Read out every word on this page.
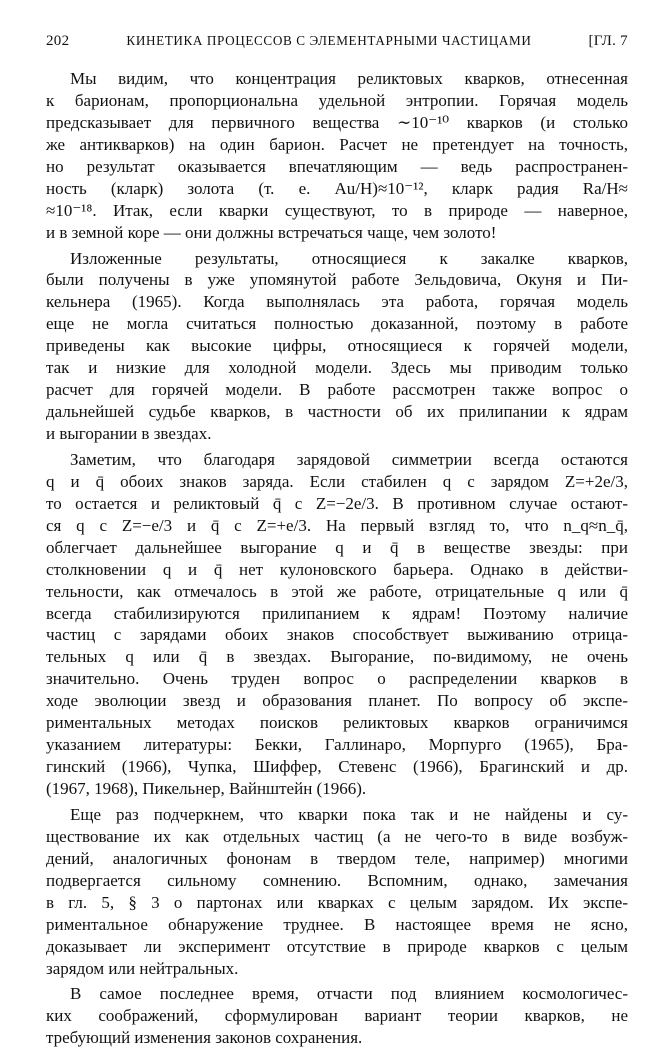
202	КИНЕТИКА ПРОЦЕССОВ С ЭЛЕМЕНТАРНЫМИ ЧАСТИЦАМИ	[ГЛ. 7
Мы видим, что концентрация реликтовых кварков, отнесенная
к барионам, пропорциональна удельной энтропии. Горячая модель
предсказывает для первичного вещества ∼10⁻¹⁰ кварков (и столько
же антикварков) на один барион. Расчет не претендует на точность,
но результат оказывается впечатляющим — ведь распространен-
ность (кларк) золота (т. е. Au/H)≈10⁻¹², кларк радия Ra/H≈
≈10⁻¹⁸. Итак, если кварки существуют, то в природе — наверное,
и в земной коре — они должны встречаться чаще, чем золото!
Изложенные результаты, относящиеся к закалке кварков,
были получены в уже упомянутой работе Зельдовича, Окуня и Пи-
кельнера (1965). Когда выполнялась эта работа, горячая модель
еще не могла считаться полностью доказанной, поэтому в работе
приведены как высокие цифры, относящиеся к горячей модели,
так и низкие для холодной модели. Здесь мы приводим только
расчет для горячей модели. В работе рассмотрен также вопрос о
дальнейшей судьбе кварков, в частности об их прилипании к ядрам
и выгорании в звездах.
Заметим, что благодаря зарядовой симметрии всегда остаются
q и q̄ обоих знаков заряда. Если стабилен q с зарядом Z=+2e/3,
то остается и реликтовый q̄ с Z=−2e/3. В противном случае остают-
ся q с Z=−e/3 и q̄ с Z=+e/3. На первый взгляд то, что n_q≈n_q̄,
облегчает дальнейшее выгорание q и q̄ в веществе звезды: при
столкновении q и q̄ нет кулоновского барьера. Однако в действи-
тельности, как отмечалось в этой же работе, отрицательные q или q̄
всегда стабилизируются прилипанием к ядрам! Поэтому наличие
частиц с зарядами обоих знаков способствует выживанию отрица-
тельных q или q̄ в звездах. Выгорание, по-видимому, не очень
значительно. Очень труден вопрос о распределении кварков в
ходе эволюции звезд и образования планет. По вопросу об экспе-
риментальных методах поисков реликтовых кварков ограничимся
указанием литературы: Бекки, Галлинаро, Морпурго (1965), Бра-
гинский (1966), Чупка, Шиффер, Стевенс (1966), Брагинский и др.
(1967, 1968), Пикельнер, Вайнштейн (1966).
Еще раз подчеркнем, что кварки пока так и не найдены и су-
ществование их как отдельных частиц (а не чего-то в виде возбуж-
дений, аналогичных фононам в твердом теле, например) многими
подвергается сильному сомнению. Вспомним, однако, замечания
в гл. 5, § 3 о партонах или кварках с целым зарядом. Их экспе-
риментальное обнаружение труднее. В настоящее время не ясно,
доказывает ли эксперимент отсутствие в природе кварков с целым
зарядом или нейтральных.
В самое последнее время, отчасти под влиянием космологичес-
ких соображений, сформулирован вариант теории кварков, не
требующий изменения законов сохранения.
